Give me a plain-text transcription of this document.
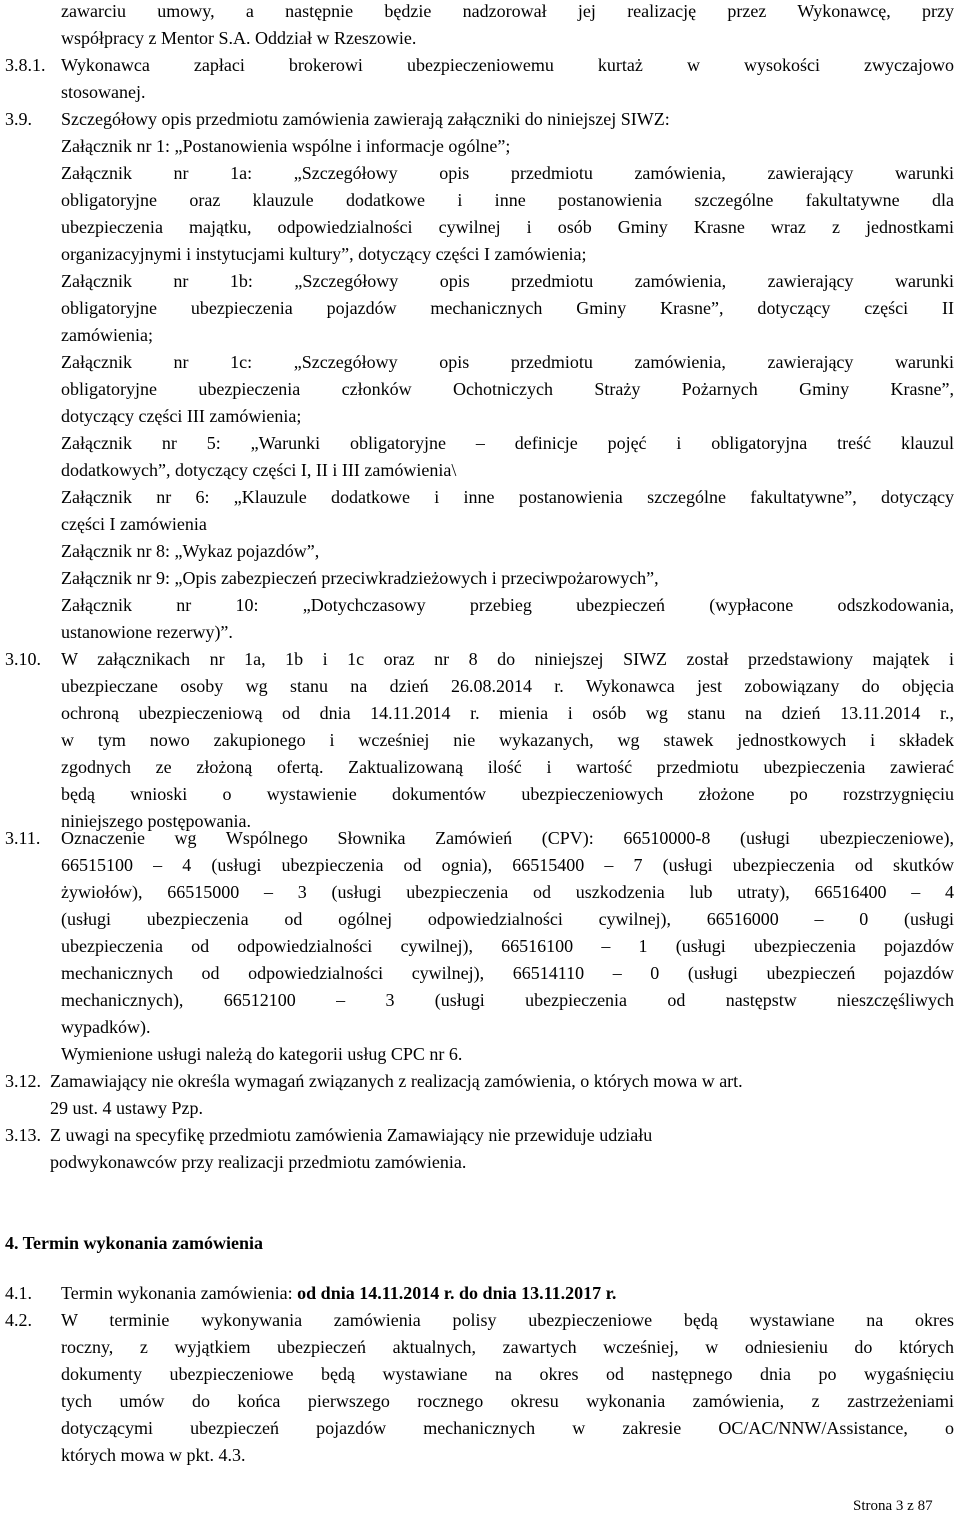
zawarciu umowy, a następnie będzie nadzorował jej realizację przez Wykonawcę, przy
współpracy z Mentor S.A. Oddział w Rzeszowie.
3.8.1. Wykonawca zapłaci brokerowi ubezpieczeniowemu kurtaż w wysokości zwyczajowo
stosowanej.
3.9. Szczegółowy opis przedmiotu zamówienia zawierają załączniki do niniejszej SIWZ:
Załącznik nr 1: „Postanowienia wspólne i informacje ogólne”;
Załącznik nr 1a: „Szczegółowy opis przedmiotu zamówienia, zawierający warunki
obligatoryjne oraz klauzule dodatkowe i inne postanowienia szczególne fakultatywne dla
ubezpieczenia majątku, odpowiedzialności cywilnej i osób Gminy Krasne wraz z jednostkami
organizacyjnymi i instytucjami kultury”, dotyczący części I zamówienia;
Załącznik nr 1b: „Szczegółowy opis przedmiotu zamówienia, zawierający warunki
obligatoryjne ubezpieczenia pojazdów mechanicznych Gminy Krasne”, dotyczący części II
zamówienia;
Załącznik nr 1c: „Szczegółowy opis przedmiotu zamówienia, zawierający warunki
obligatoryjne ubezpieczenia członków Ochotniczych Straży Pożarnych Gminy Krasne”,
dotyczący części III zamówienia;
Załącznik nr 5: „Warunki obligatoryjne – definicje pojęć i obligatoryjna treść klauzul
dodatkowych”, dotyczący części I, II i III zamówienia\
Załącznik nr 6: „Klauzule dodatkowe i inne postanowienia szczególne fakultatywne”, dotyczący
części I zamówienia
Załącznik nr 8: „Wykaz pojazdów”,
Załącznik nr 9: „Opis zabezpieczeń przeciwkradzieżowych i przeciwpożarowych”,
Załącznik nr 10: „Dotychczasowy przebieg ubezpieczeń (wypłacone odszkodowania,
ustanowione rezerwy)”.
3.10. W załącznikach nr 1a, 1b i 1c oraz nr 8 do niniejszej SIWZ został przedstawiony majątek i
ubezpieczane osoby wg stanu na dzień 26.08.2014 r. Wykonawca jest zobowiązany do objęcia
ochroną ubezpieczeniową od dnia 14.11.2014 r. mienia i osób wg stanu na dzień 13.11.2014 r.,
w tym nowo zakupionego i wcześniej nie wykazanych, wg stawek jednostkowych i składek
zgodnych ze złożoną ofertą. Zaktualizowaną ilość i wartość przedmiotu ubezpieczenia zawierać
będą wnioski o wystawienie dokumentów ubezpieczeniowych złożone po rozstrzygnięciu
niniejszego postępowania.
3.11. Oznaczenie wg Wspólnego Słownika Zamówień (CPV): 66510000-8 (usługi ubezpieczeniowe),
66515100 – 4 (usługi ubezpieczenia od ognia), 66515400 – 7 (usługi ubezpieczenia od skutków
żywiołów), 66515000 – 3 (usługi ubezpieczenia od uszkodzenia lub utraty), 66516400 – 4
(usługi ubezpieczenia od ogólnej odpowiedzialności cywilnej), 66516000 – 0 (usługi
ubezpieczenia od odpowiedzialności cywilnej), 66516100 – 1 (usługi ubezpieczenia pojazdów
mechanicznych od odpowiedzialności cywilnej), 66514110 – 0 (usługi ubezpieczeń pojazdów
mechanicznych), 66512100 – 3 (usługi ubezpieczenia od następstw nieszczęśliwych
wypadków).
Wymienione usługi należą do kategorii usług CPC nr 6.
3.12. Zamawiający nie określa wymagań związanych z realizacją zamówienia, o których mowa w art.
29 ust. 4 ustawy Pzp.
3.13. Z uwagi na specyfikę przedmiotu zamówienia Zamawiający nie przewiduje udziału
podwykonawców przy realizacji przedmiotu zamówienia.
4. Termin wykonania zamówienia
4.1. Termin wykonania zamówienia: od dnia 14.11.2014 r. do dnia 13.11.2017 r.
4.2. W terminie wykonywania zamówienia polisy ubezpieczeniowe będą wystawiane na okres
roczny, z wyjątkiem ubezpieczeń aktualnych, zawartych wcześniej, w odniesieniu do których
dokumenty ubezpieczeniowe będą wystawiane na okres od następnego dnia po wygaśnięciu
tych umów do końca pierwszego rocznego okresu wykonania zamówienia, z zastrzeżeniami
dotyczącymi ubezpieczeń pojazdów mechanicznych w zakresie OC/AC/NNW/Assistance, o
których mowa w pkt. 4.3.
Strona 3 z 87
